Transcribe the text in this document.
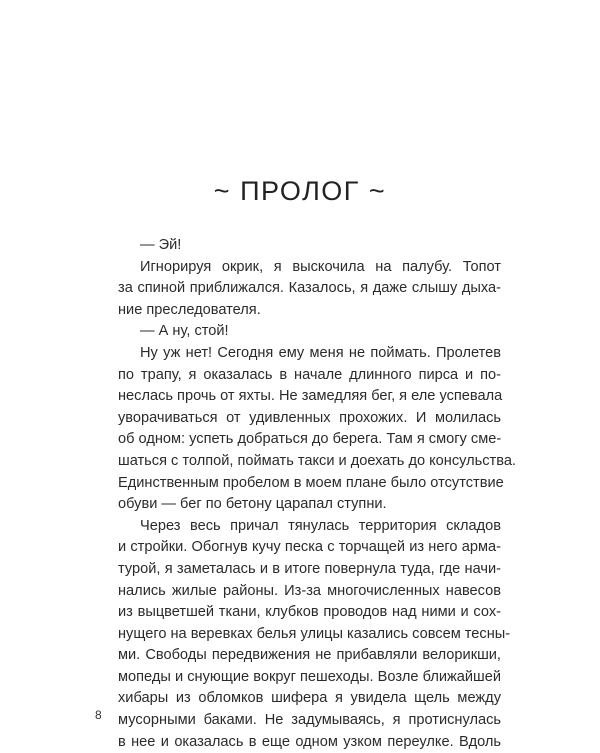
~ ПРОЛОГ ~
— Эй!
Игнорируя окрик, я выскочила на палубу. Топот
за спиной приближался. Казалось, я даже слышу дыха-
ние преследователя.
— А ну, стой!
Ну уж нет! Сегодня ему меня не поймать. Пролетев
по трапу, я оказалась в начале длинного пирса и по-
неслась прочь от яхты. Не замедляя бег, я еле успевала
уворачиваться от удивленных прохожих. И молилась
об одном: успеть добраться до берега. Там я смогу сме-
шаться с толпой, поймать такси и доехать до консульства.
Единственным пробелом в моем плане было отсутствие
обуви — бег по бетону царапал ступни.
Через весь причал тянулась территория складов
и стройки. Обогнув кучу песка с торчащей из него арма-
турой, я заметалась и в итоге повернула туда, где начи-
нались жилые районы. Из-за многочисленных навесов
из выцветшей ткани, клубков проводов над ними и сох-
нущего на веревках белья улицы казались совсем тесны-
ми. Свободы передвижения не прибавляли велорикши,
мопеды и снующие вокруг пешеходы. Возле ближайшей
хибары из обломков шифера я увидела щель между
мусорными баками. Не задумываясь, я протиснулась
в нее и оказалась в еще одном узком переулке. Вдоль
8
